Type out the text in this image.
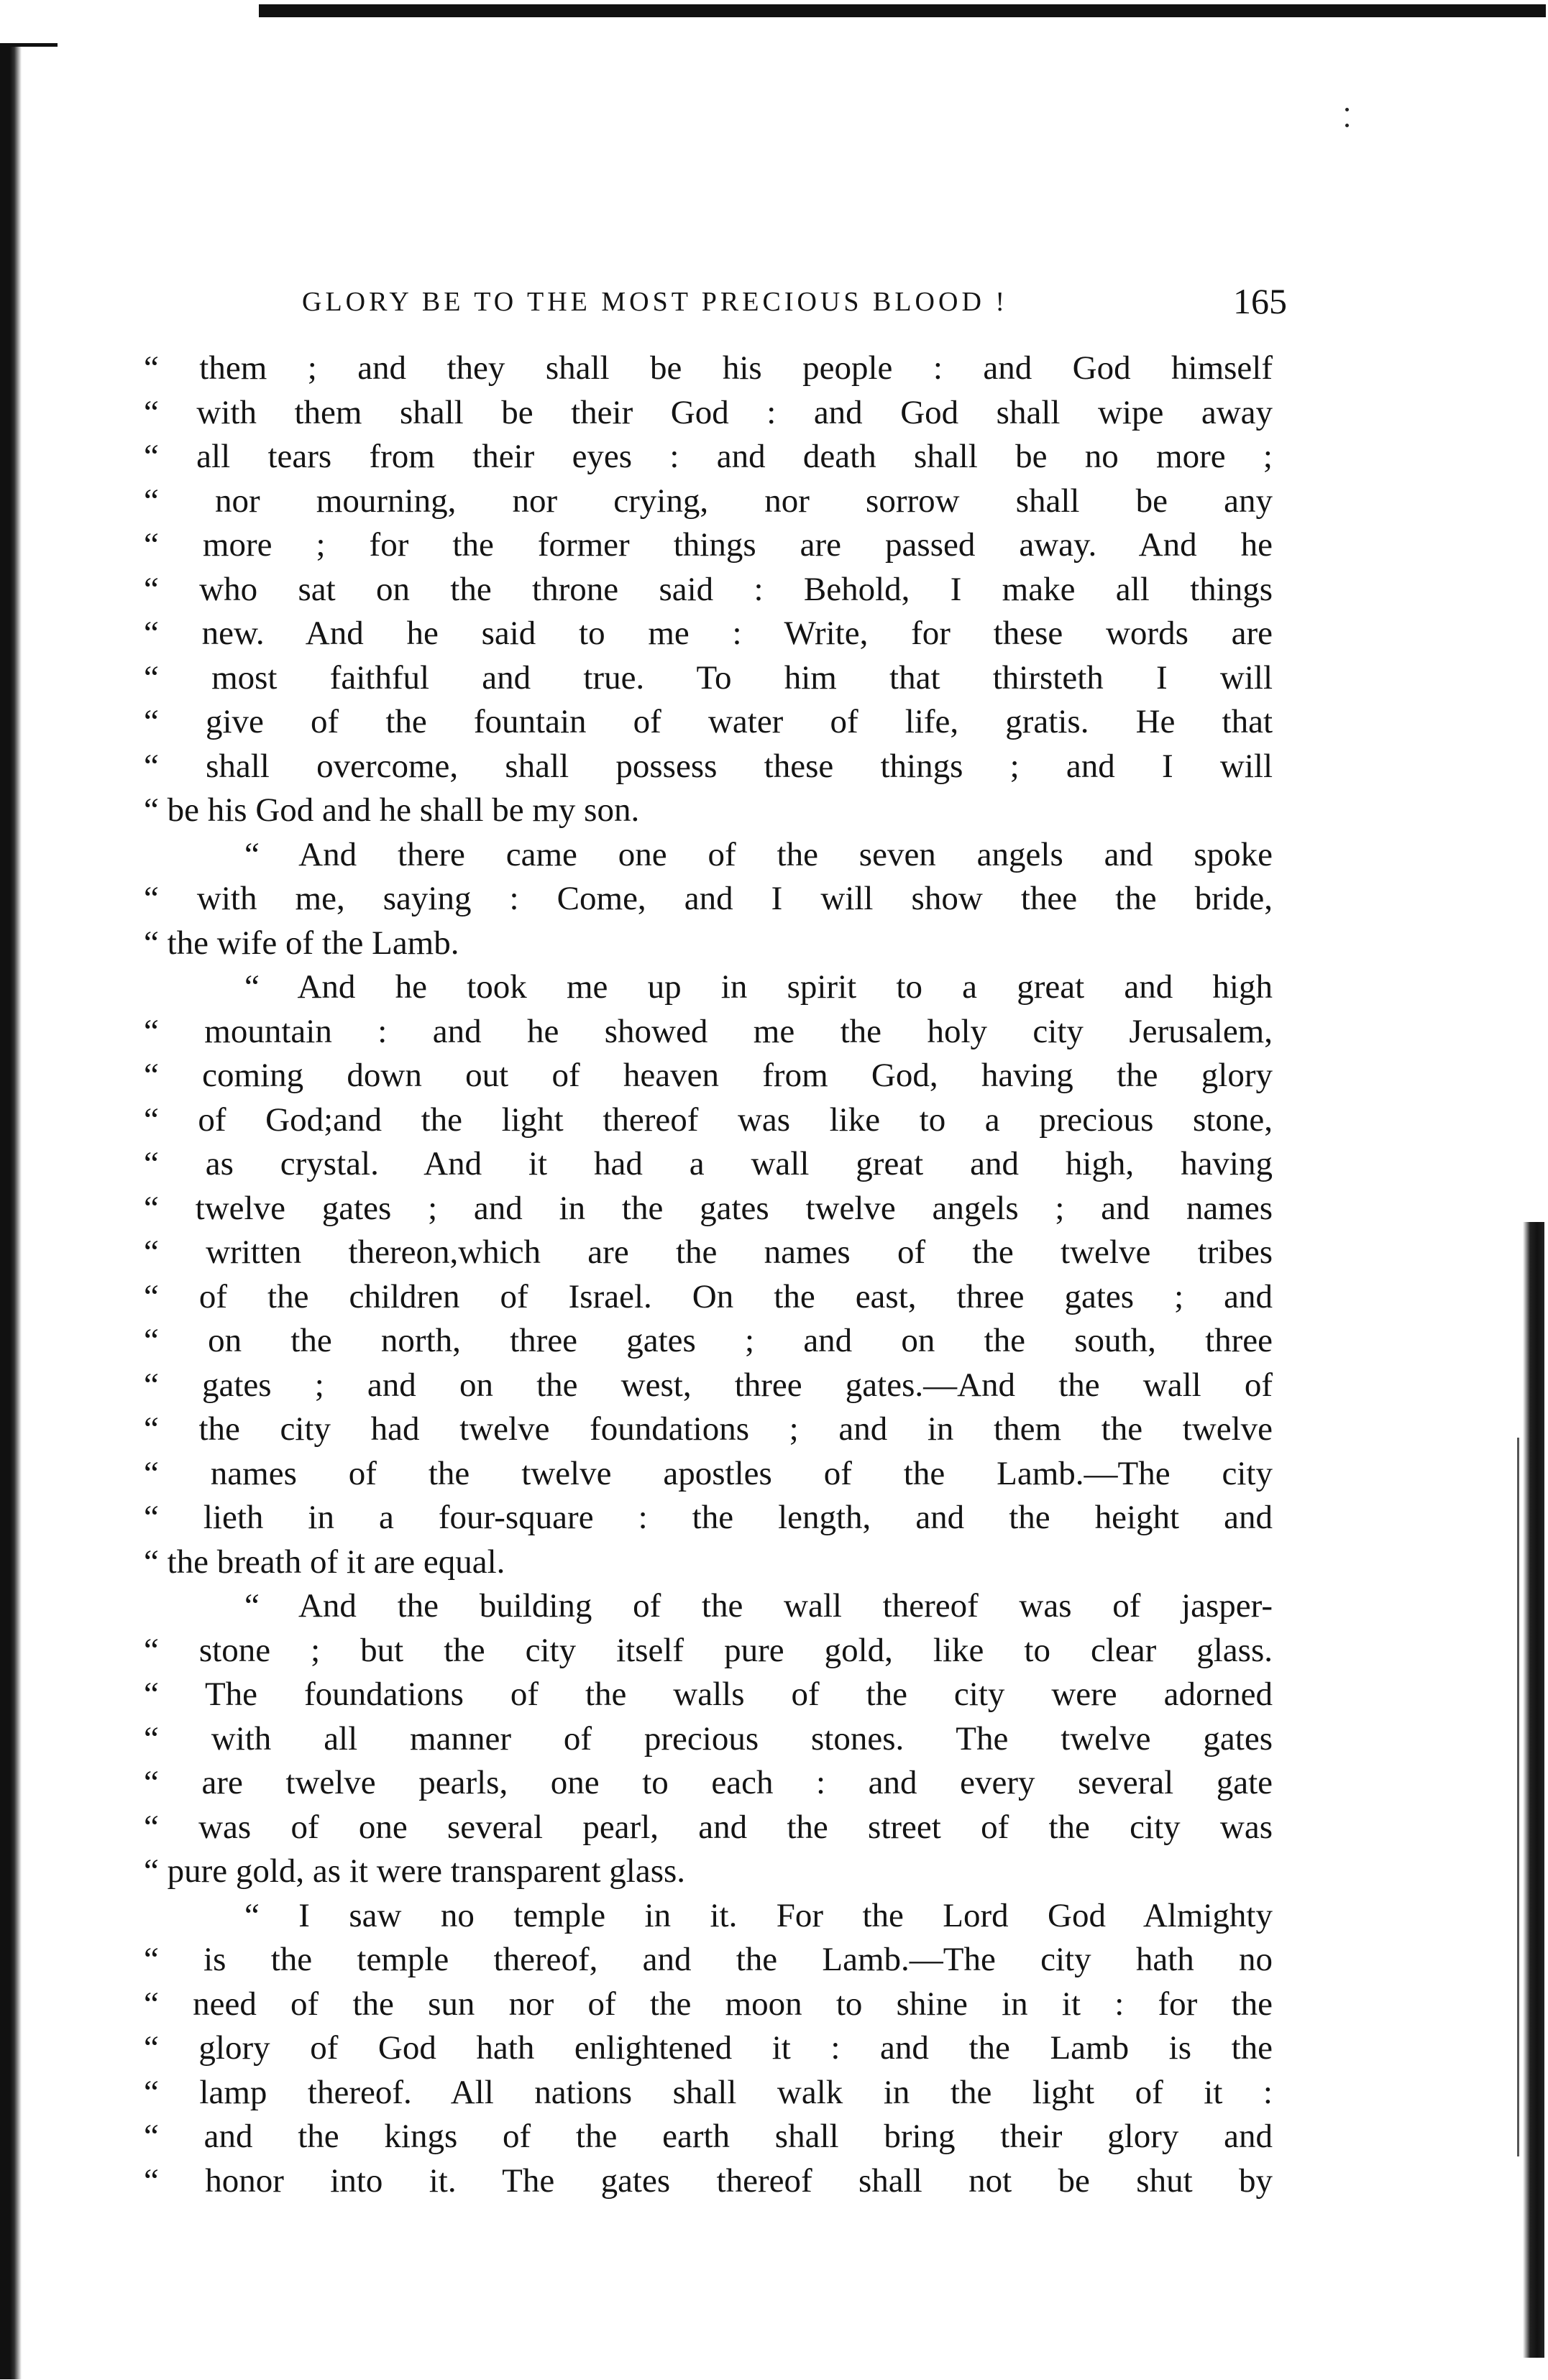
GLORY BE TO THE MOST PRECIOUS BLOOD !	165
“ them ; and they shall be his people : and God himself
“ with them shall be their God : and God shall wipe away
“ all tears from their eyes : and death shall be no more ;
“ nor mourning, nor crying, nor sorrow shall be any
“ more ; for the former things are passed away. And he
“ who sat on the throne said : Behold, I make all things
“ new. And he said to me : Write, for these words are
“ most faithful and true. To him that thirsteth I will
“ give of the fountain of water of life, gratis. He that
“ shall overcome, shall possess these things ; and I will
“ be his God and he shall be my son.
“ And there came one of the seven angels and spoke
“ with me, saying : Come, and I will show thee the bride,
“ the wife of the Lamb.
“ And he took me up in spirit to a great and high
“ mountain : and he showed me the holy city Jerusalem,
“ coming down out of heaven from God, having the glory
“ of God;and the light thereof was like to a precious stone,
“ as crystal. And it had a wall great and high, having
“ twelve gates ; and in the gates twelve angels ; and names
“ written thereon,which are the names of the twelve tribes
“ of the children of Israel. On the east, three gates ; and
“ on the north, three gates ; and on the south, three
“ gates ; and on the west, three gates.—And the wall of
“ the city had twelve foundations ; and in them the twelve
“ names of the twelve apostles of the Lamb.—The city
“ lieth in a four-square : the length, and the height and
“ the breath of it are equal.
“ And the building of the wall thereof was of jasper-
“ stone ; but the city itself pure gold, like to clear glass.
“ The foundations of the walls of the city were adorned
“ with all manner of precious stones. The twelve gates
“ are twelve pearls, one to each : and every several gate
“ was of one several pearl, and the street of the city was
“ pure gold, as it were transparent glass.
“ I saw no temple in it. For the Lord God Almighty
“ is the temple thereof, and the Lamb.—The city hath no
“ need of the sun nor of the moon to shine in it : for the
“ glory of God hath enlightened it : and the Lamb is the
“ lamp thereof. All nations shall walk in the light of it :
“ and the kings of the earth shall bring their glory and
“ honor into it. The gates thereof shall not be shut by
